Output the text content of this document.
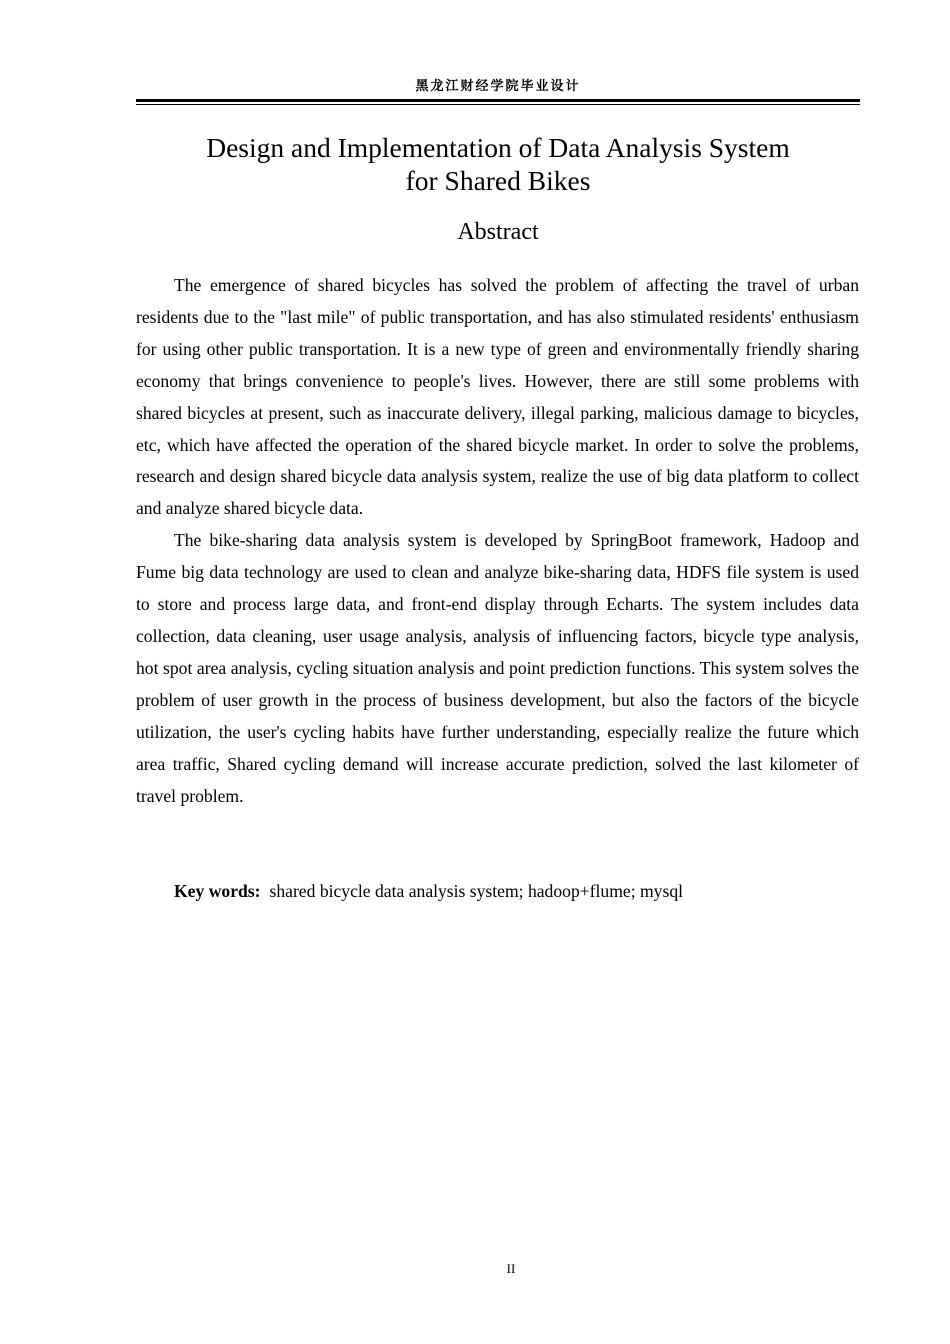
黑龙江财经学院毕业设计
Design and Implementation of Data Analysis System
for Shared Bikes
Abstract

The emergence of shared bicycles has solved the problem of affecting the travel of urban residents due to the "last mile" of public transportation, and has also stimulated residents' enthusiasm for using other public transportation. It is a new type of green and environmentally friendly sharing economy that brings convenience to people's lives. However, there are still some problems with shared bicycles at present, such as inaccurate delivery, illegal parking, malicious damage to bicycles, etc, which have affected the operation of the shared bicycle market. In order to solve the problems, research and design shared bicycle data analysis system, realize the use of big data platform to collect and analyze shared bicycle data.

The bike-sharing data analysis system is developed by SpringBoot framework, Hadoop and Fume big data technology are used to clean and analyze bike-sharing data, HDFS file system is used to store and process large data, and front-end display through Echarts. The system includes data collection, data cleaning, user usage analysis, analysis of influencing factors, bicycle type analysis, hot spot area analysis, cycling situation analysis and point prediction functions. This system solves the problem of user growth in the process of business development, but also the factors of the bicycle utilization, the user's cycling habits have further understanding, especially realize the future which area traffic, Shared cycling demand will increase accurate prediction, solved the last kilometer of travel problem.

Key words: shared bicycle data analysis system; hadoop+flume; mysql
II
